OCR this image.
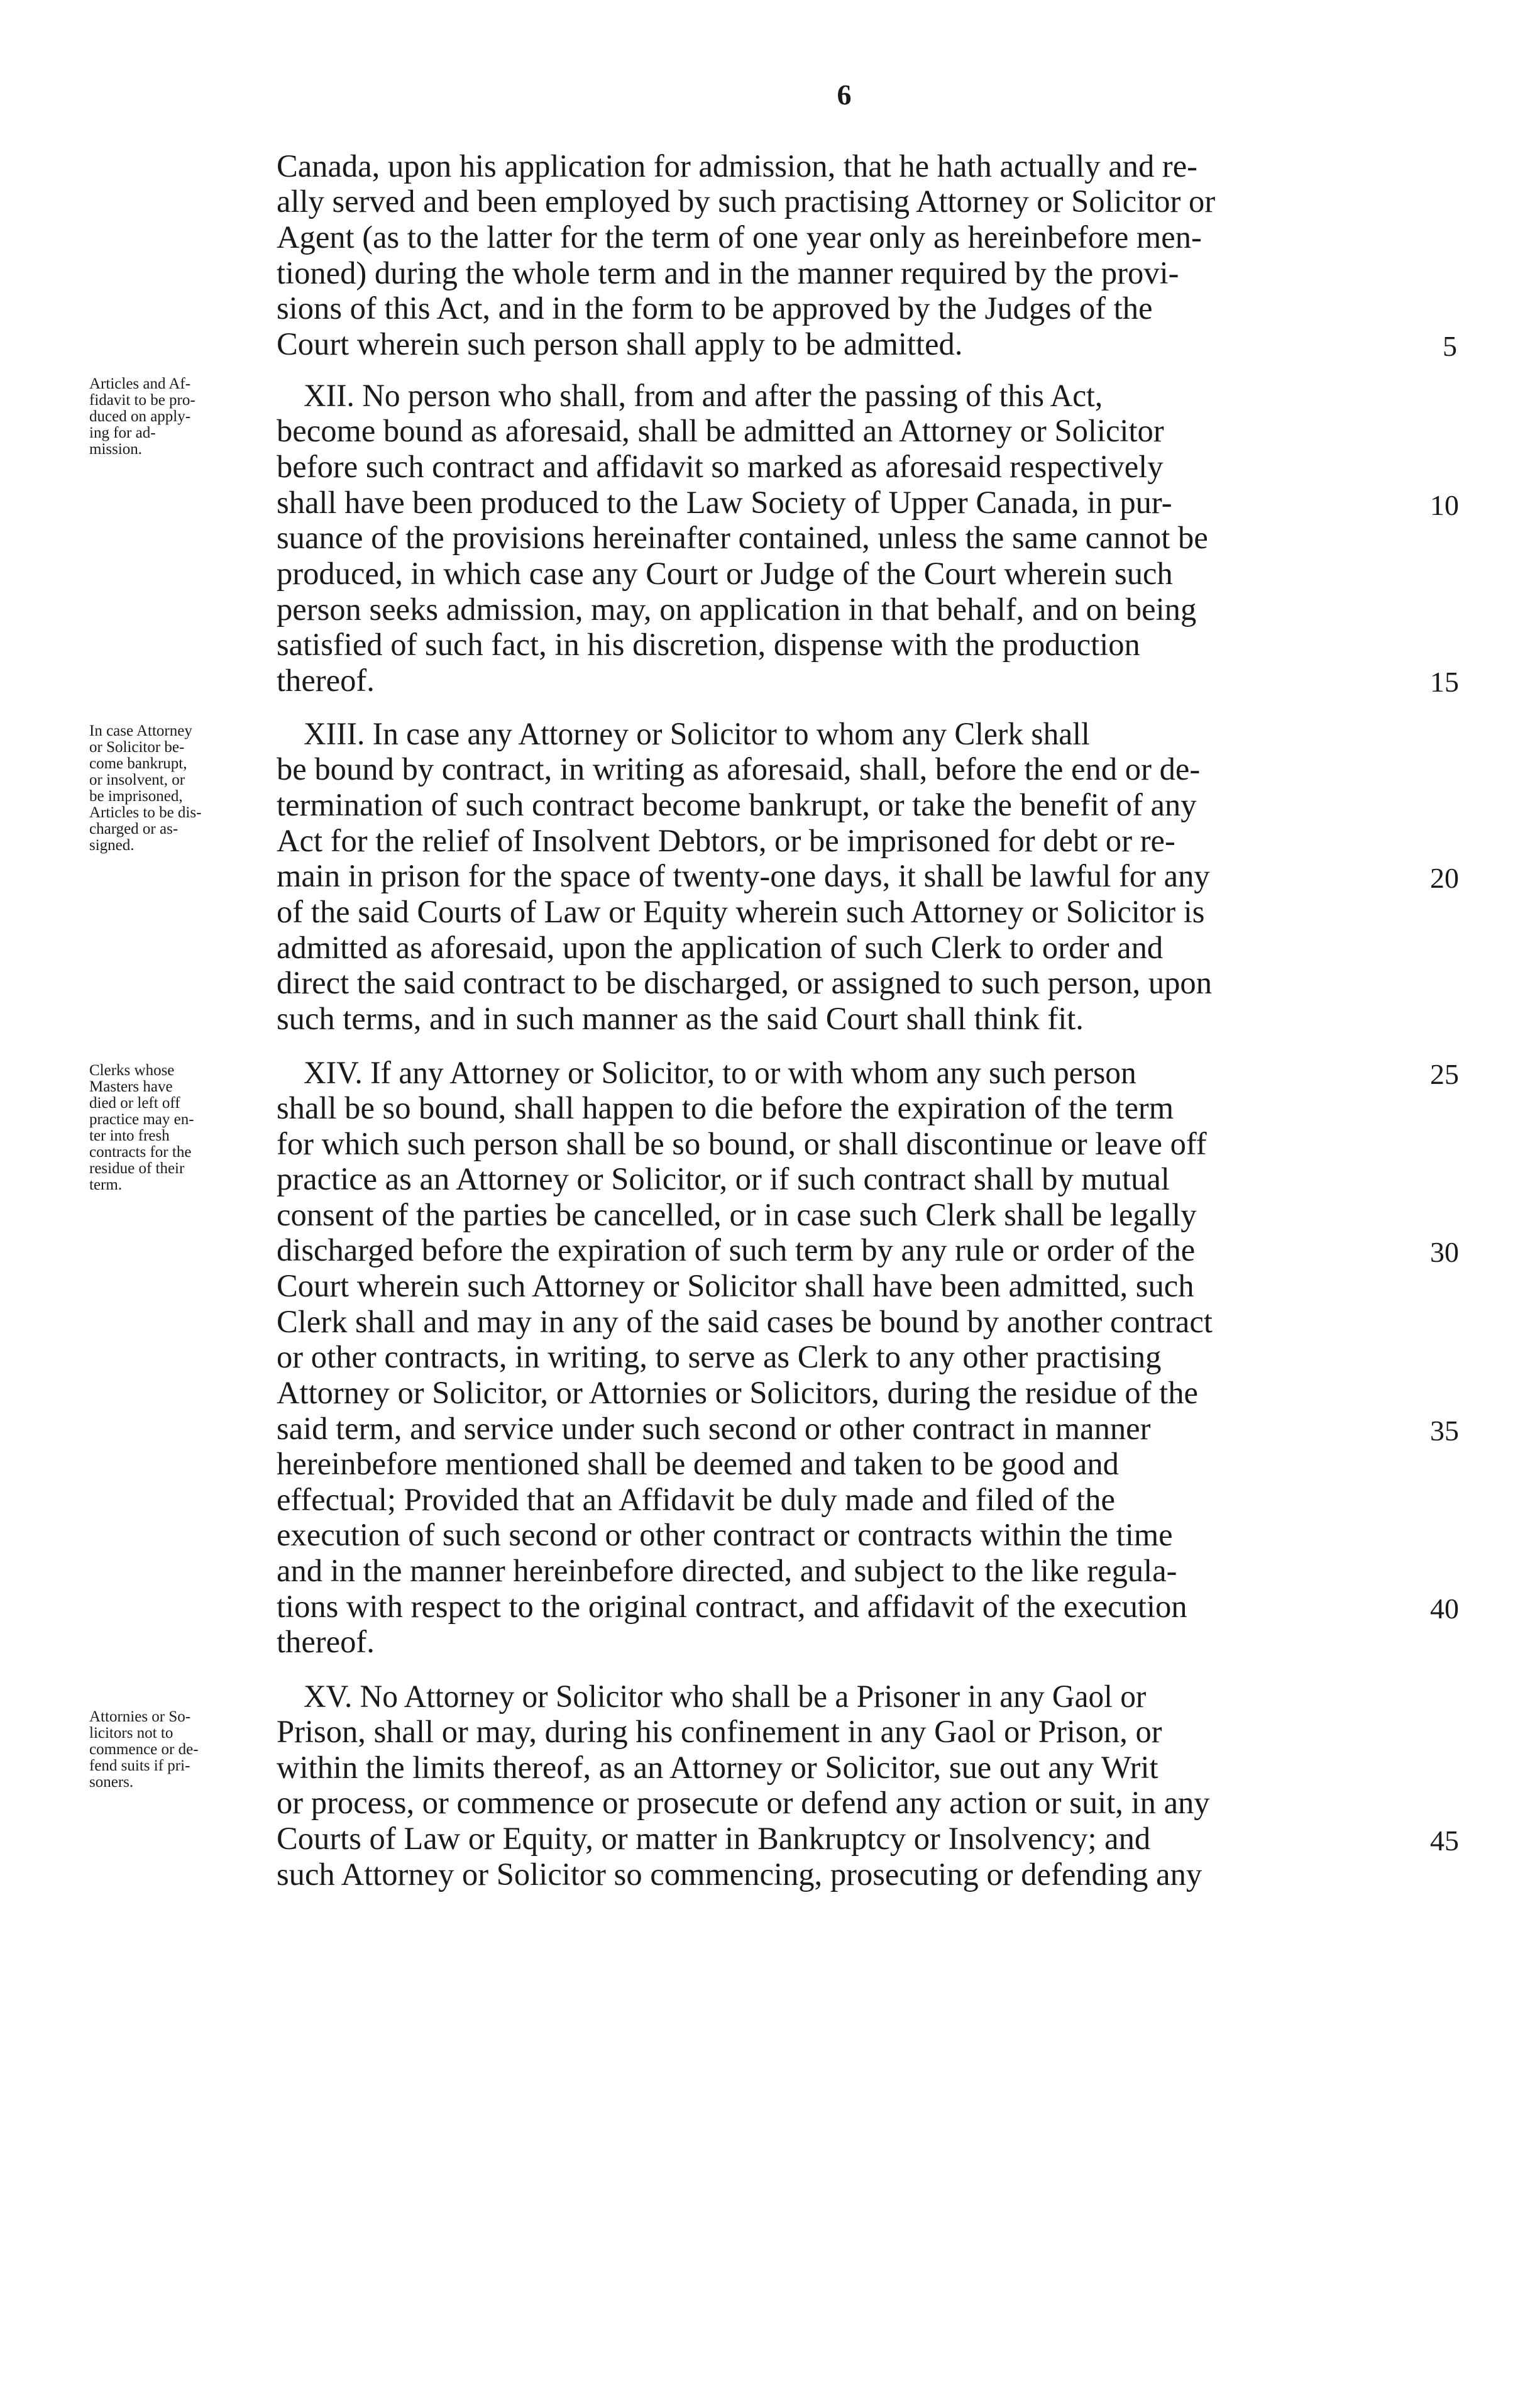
6
Canada, upon his application for admission, that he hath actually and re-
ally served and been employed by such practising Attorney or Solicitor or
Agent (as to the latter for the term of one year only as hereinbefore men-
tioned) during the whole term and in the manner required by the provi-
sions of this Act, and in the form to be approved by the Judges of the
Court wherein such person shall apply to be admitted.
XII. No person who shall, from and after the passing of this Act,
become bound as aforesaid, shall be admitted an Attorney or Solicitor
before such contract and affidavit so marked as aforesaid respectively
shall have been produced to the Law Society of Upper Canada, in pur-
suance of the provisions hereinafter contained, unless the same cannot be
produced, in which case any Court or Judge of the Court wherein such
person seeks admission, may, on application in that behalf, and on being
satisfied of such fact, in his discretion, dispense with the production
thereof.
XIII. In case any Attorney or Solicitor to whom any Clerk shall
be bound by contract, in writing as aforesaid, shall, before the end or de-
termination of such contract become bankrupt, or take the benefit of any
Act for the relief of Insolvent Debtors, or be imprisoned for debt or re-
main in prison for the space of twenty-one days, it shall be lawful for any
of the said Courts of Law or Equity wherein such Attorney or Solicitor is
admitted as aforesaid, upon the application of such Clerk to order and
direct the said contract to be discharged, or assigned to such person, upon
such terms, and in such manner as the said Court shall think fit.
XIV. If any Attorney or Solicitor, to or with whom any such person
shall be so bound, shall happen to die before the expiration of the term
for which such person shall be so bound, or shall discontinue or leave off
practice as an Attorney or Solicitor, or if such contract shall by mutual
consent of the parties be cancelled, or in case such Clerk shall be legally
discharged before the expiration of such term by any rule or order of the
Court wherein such Attorney or Solicitor shall have been admitted, such
Clerk shall and may in any of the said cases be bound by another contract
or other contracts, in writing, to serve as Clerk to any other practising
Attorney or Solicitor, or Attornies or Solicitors, during the residue of the
said term, and service under such second or other contract in manner
hereinbefore mentioned shall be deemed and taken to be good and
effectual; Provided that an Affidavit be duly made and filed of the
execution of such second or other contract or contracts within the time
and in the manner hereinbefore directed, and subject to the like regula-
tions with respect to the original contract, and affidavit of the execution
thereof.
XV. No Attorney or Solicitor who shall be a Prisoner in any Gaol or
Prison, shall or may, during his confinement in any Gaol or Prison, or
within the limits thereof, as an Attorney or Solicitor, sue out any Writ
or process, or commence or prosecute or defend any action or suit, in any
Courts of Law or Equity, or matter in Bankruptcy or Insolvency; and
such Attorney or Solicitor so commencing, prosecuting or defending any
5
10
15
20
25
30
35
40
45
Articles and Af-
fidavit to be pro-
duced on apply-
ing for ad-
mission.
In case Attorney
or Solicitor be-
come bankrupt,
or insolvent, or
be imprisoned,
Articles to be dis-
charged or as-
signed.
Clerks whose
Masters have
died or left off
practice may en-
ter into fresh
contracts for the
residue of their
term.
Attornies or So-
licitors not to
commence or de-
fend suits if pri-
soners.
